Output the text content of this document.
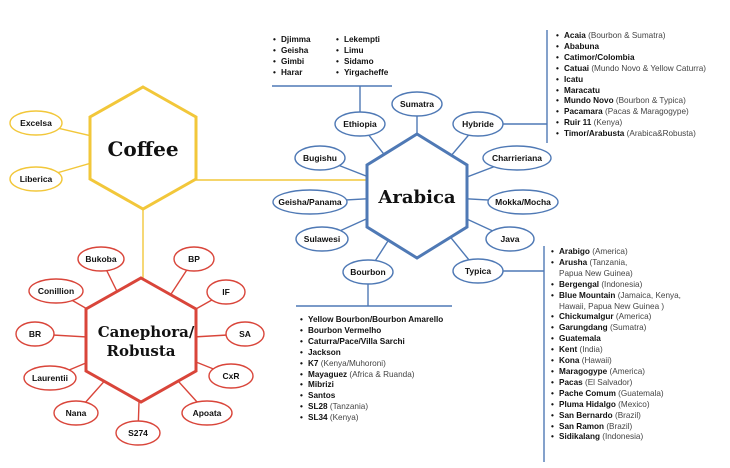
Coffee
Arabica
Canephora/
Robusta
Excelsa
Liberica
Ethiopia
Sumatra
Hybride
Charrieriana
Mokka/Mocha
Java
Typica
Bourbon
Sulawesi
Geisha/Panama
Bugishu
Bukoba	BP
IF
SA
CxR
Apoata
S274
Nana
Laurentii
BR
Conillion
• Djimma
• Geisha
• Gimbi
• Harar
• Lekempti
• Limu
• Sidamo
• Yirgacheffe
• Acaia (Bourbon & Sumatra)
• Ababuna
• Catimor/Colombia
• Catuai (Mundo Novo & Yellow Caturra)
• Icatu
• Maracatu
• Mundo Novo (Bourbon & Typica)
• Pacamara (Pacas & Maragogype)
• Ruir 11 (Kenya)
• Timor/Arabusta (Arabica&Robusta)
• Yellow Bourbon/Bourbon Amarello
• Bourbon Vermelho
• Caturra/Pace/Villa Sarchi
• Jackson
• K7 (Kenya/Muhoroni)
• Mayaguez (Africa & Ruanda)
• Mibrizi
• Santos
• SL28 (Tanzania)
• SL34 (Kenya)
• Arabigo (America)
• Arusha (Tanzania,
Papua New Guinea)
• Bergengal (Indonesia)
• Blue Mountain (Jamaica, Kenya,
Hawaii, Papua New Guinea )
• Chickumalgur (America)
• Garungdang (Sumatra)
• Guatemala
• Kent (India)
• Kona (Hawaii)
• Maragogype (America)
• Pacas (El Salvador)
• Pache Comum (Guatemala)
• Pluma Hidalgo (Mexico)
• San Bernardo (Brazil)
• San Ramon (Brazil)
• Sidikalang (Indonesia)
